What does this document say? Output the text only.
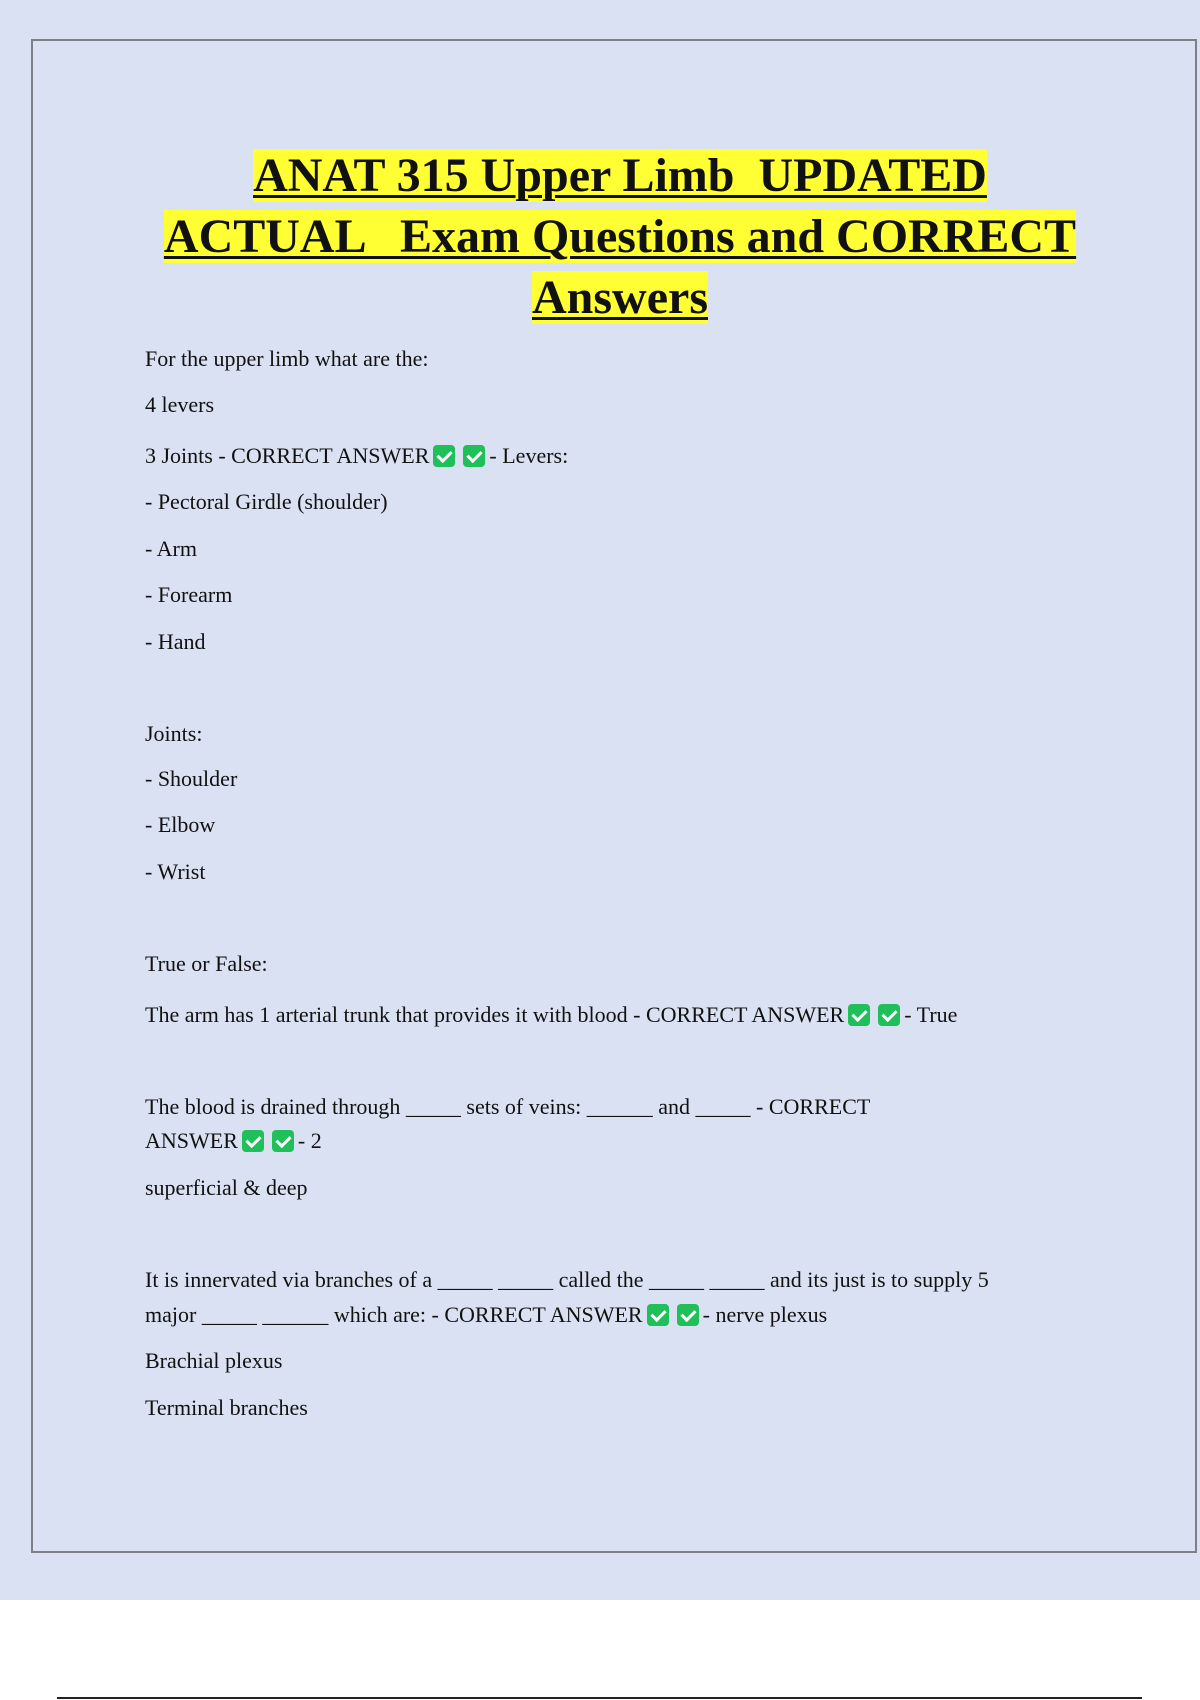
ANAT 315 Upper Limb  UPDATED
ACTUAL   Exam Questions and CORRECT
Answers
For the upper limb what are the:
4 levers
3 Joints - CORRECT ANSWER	- Levers:
- Pectoral Girdle (shoulder)
- Arm
- Forearm
- Hand
Joints:
- Shoulder
- Elbow
- Wrist
True or False:
The arm has 1 arterial trunk that provides it with blood - CORRECT ANSWER	- True
The blood is drained through _____ sets of veins: ______ and _____ - CORRECT
ANSWER	- 2
superficial & deep
It is innervated via branches of a _____ _____ called the _____ _____ and its just is to supply 5
major _____ ______ which are: - CORRECT ANSWER	- nerve plexus
Brachial plexus
Terminal branches
